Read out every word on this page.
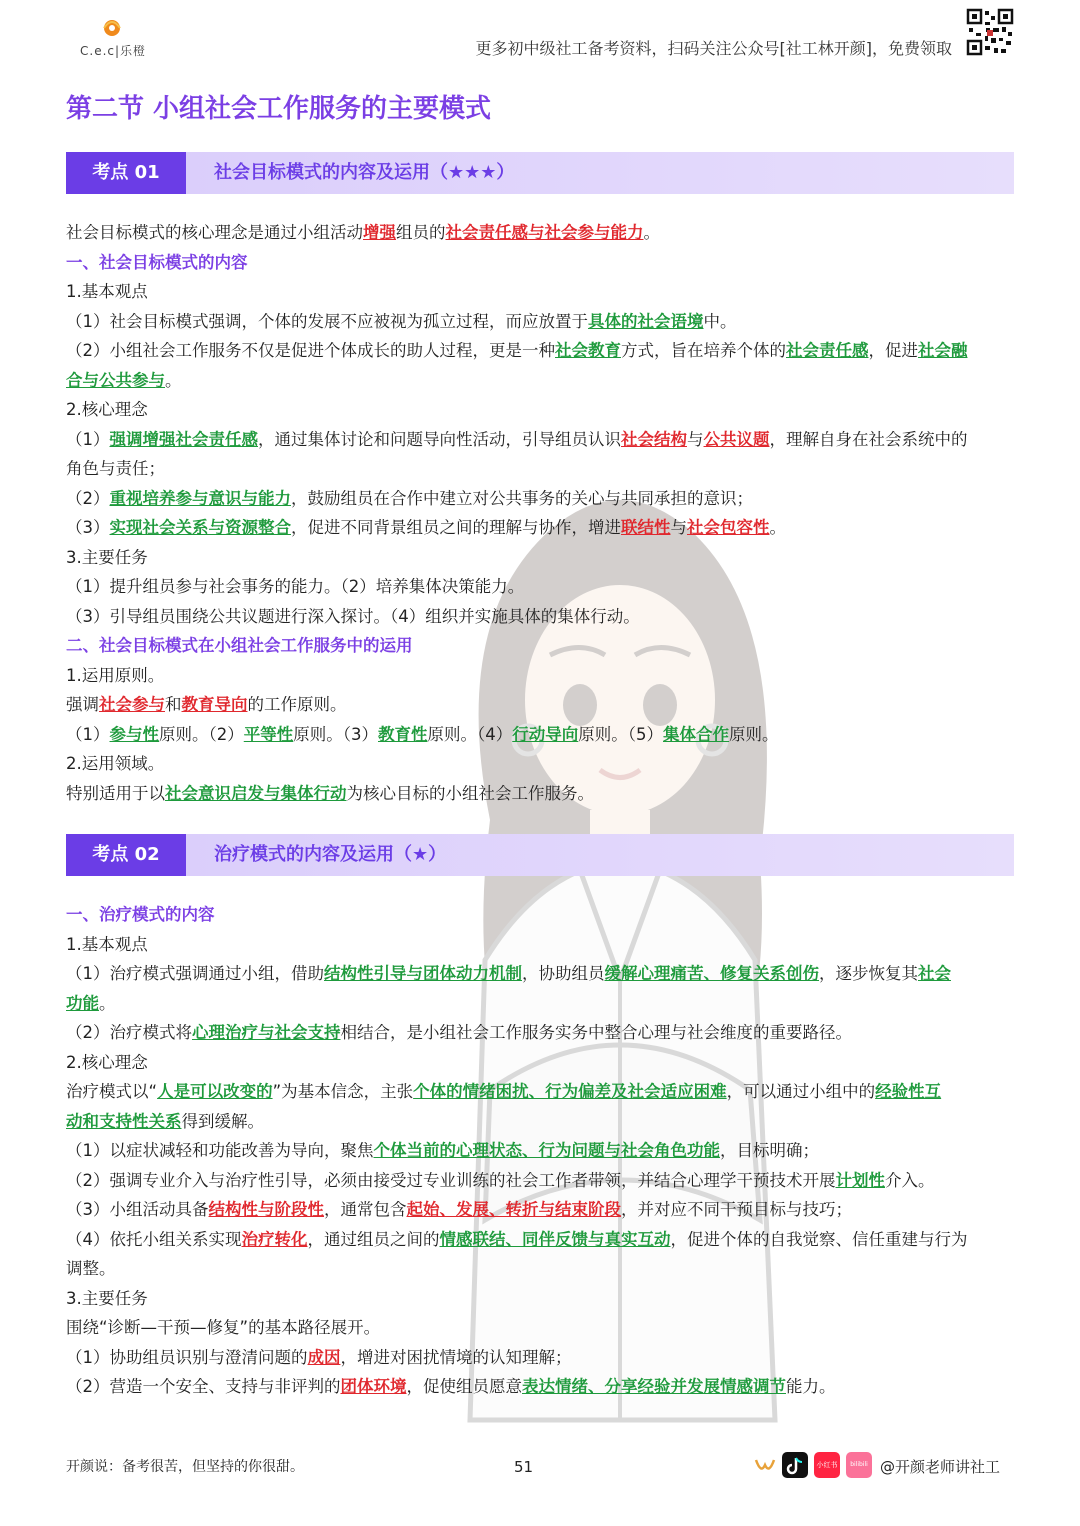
C.e.c|乐橙	更多初中级社工备考资料，扫码关注公众号[社工林开颜]，免费领取
第二节 小组社会工作服务的主要模式
考点 01	社会目标模式的内容及运用（★★★）
社会目标模式的核心理念是通过小组活动增强组员的社会责任感与社会参与能力。
一、社会目标模式的内容
1.基本观点
（1）社会目标模式强调，个体的发展不应被视为孤立过程，而应放置于具体的社会语境中。
（2）小组社会工作服务不仅是促进个体成长的助人过程，更是一种社会教育方式，旨在培养个体的社会责任感，促进社会融
合与公共参与。
2.核心理念
（1）强调增强社会责任感，通过集体讨论和问题导向性活动，引导组员认识社会结构与公共议题，理解自身在社会系统中的
角色与责任；
（2）重视培养参与意识与能力，鼓励组员在合作中建立对公共事务的关心与共同承担的意识；
（3）实现社会关系与资源整合，促进不同背景组员之间的理解与协作，增进联结性与社会包容性。
3.主要任务
（1）提升组员参与社会事务的能力。（2）培养集体决策能力。
（3）引导组员围绕公共议题进行深入探讨。（4）组织并实施具体的集体行动。
二、社会目标模式在小组社会工作服务中的运用
1.运用原则。
强调社会参与和教育导向的工作原则。
（1）参与性原则。（2）平等性原则。（3）教育性原则。（4）行动导向原则。（5）集体合作原则。
2.运用领域。
特别适用于以社会意识启发与集体行动为核心目标的小组社会工作服务。
考点 02	治疗模式的内容及运用（★）
一、治疗模式的内容
1.基本观点
（1）治疗模式强调通过小组，借助结构性引导与团体动力机制，协助组员缓解心理痛苦、修复关系创伤，逐步恢复其社会
功能。
（2）治疗模式将心理治疗与社会支持相结合，是小组社会工作服务实务中整合心理与社会维度的重要路径。
2.核心理念
治疗模式以“人是可以改变的”为基本信念，主张个体的情绪困扰、行为偏差及社会适应困难，可以通过小组中的经验性互
动和支持性关系得到缓解。
（1）以症状减轻和功能改善为导向，聚焦个体当前的心理状态、行为问题与社会角色功能，目标明确；
（2）强调专业介入与治疗性引导，必须由接受过专业训练的社会工作者带领，并结合心理学干预技术开展计划性介入。
（3）小组活动具备结构性与阶段性，通常包含起始、发展、转折与结束阶段，并对应不同干预目标与技巧；
（4）依托小组关系实现治疗转化，通过组员之间的情感联结、同伴反馈与真实互动，促进个体的自我觉察、信任重建与行为
调整。
3.主要任务
围绕“诊断—干预—修复”的基本路径展开。
（1）协助组员识别与澄清问题的成因，增进对困扰情境的认知理解；
（2）营造一个安全、支持与非评判的团体环境，促使组员愿意表达情绪、分享经验并发展情感调节能力。
开颜说：备考很苦，但坚持的你很甜。	51	小红书	bilibili @开颜老师讲社工
